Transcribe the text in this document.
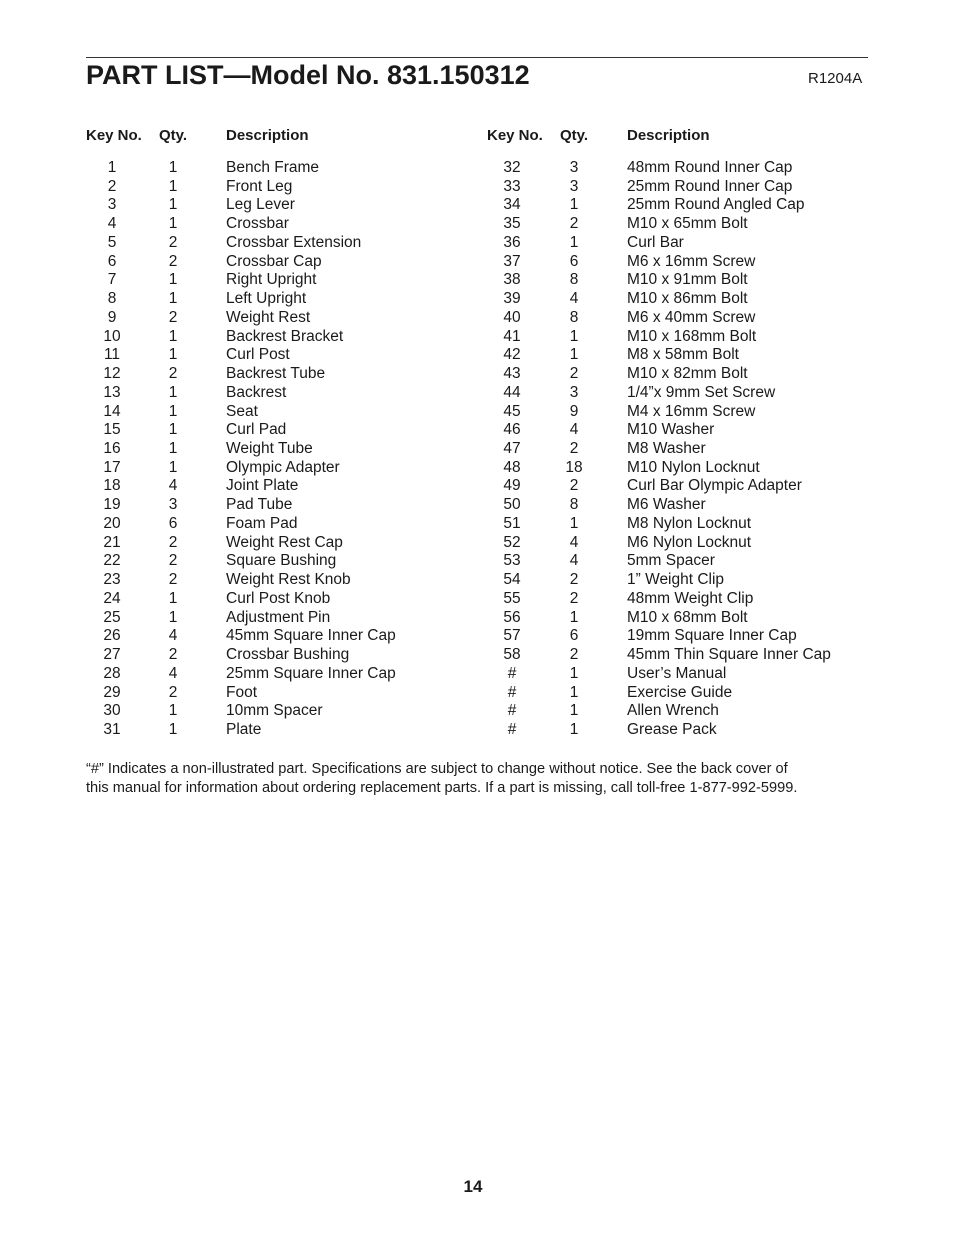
PART LIST—Model No. 831.150312	R1204A
Key No. Qty.	Description	Key No. Qty.	Description
1	1	Bench Frame
2	1	Front Leg
3	1	Leg Lever
4	1	Crossbar
5	2	Crossbar Extension
6	2	Crossbar Cap
7	1	Right Upright
8	1	Left Upright
9	2	Weight Rest
10	1	Backrest Bracket
11	1	Curl Post
12	2	Backrest Tube
13	1	Backrest
14	1	Seat
15	1	Curl Pad
16	1	Weight Tube
17	1	Olympic Adapter
18	4	Joint Plate
19	3	Pad Tube
20	6	Foam Pad
21	2	Weight Rest Cap
22	2	Square Bushing
23	2	Weight Rest Knob
24	1	Curl Post Knob
25	1	Adjustment Pin
26	4	45mm Square Inner Cap
27	2	Crossbar Bushing
28	4	25mm Square Inner Cap
29	2	Foot
30	1	10mm Spacer
31	1	Plate
32	3	48mm Round Inner Cap
33	3	25mm Round Inner Cap
34	1	25mm Round Angled Cap
35	2	M10 x 65mm Bolt
36	1	Curl Bar
37	6	M6 x 16mm Screw
38	8	M10 x 91mm Bolt
39	4	M10 x 86mm Bolt
40	8	M6 x 40mm Screw
41	1	M10 x 168mm Bolt
42	1	M8 x 58mm Bolt
43	2	M10 x 82mm Bolt
44	3	1/4”x 9mm Set Screw
45	9	M4 x 16mm Screw
46	4	M10 Washer
47	2	M8 Washer
48	18	M10 Nylon Locknut
49	2	Curl Bar Olympic Adapter
50	8	M6 Washer
51	1	M8 Nylon Locknut
52	4	M6 Nylon Locknut
53	4	5mm Spacer
54	2	1” Weight Clip
55	2	48mm Weight Clip
56	1	M10 x 68mm Bolt
57	6	19mm Square Inner Cap
58	2	45mm Thin Square Inner Cap
#	1	User’s Manual
#	1	Exercise Guide
#	1	Allen Wrench
#	1	Grease Pack
“#” Indicates a non-illustrated part. Specifications are subject to change without notice. See the back cover of
this manual for information about ordering replacement parts. If a part is missing, call toll-free 1-877-992-5999.
14
